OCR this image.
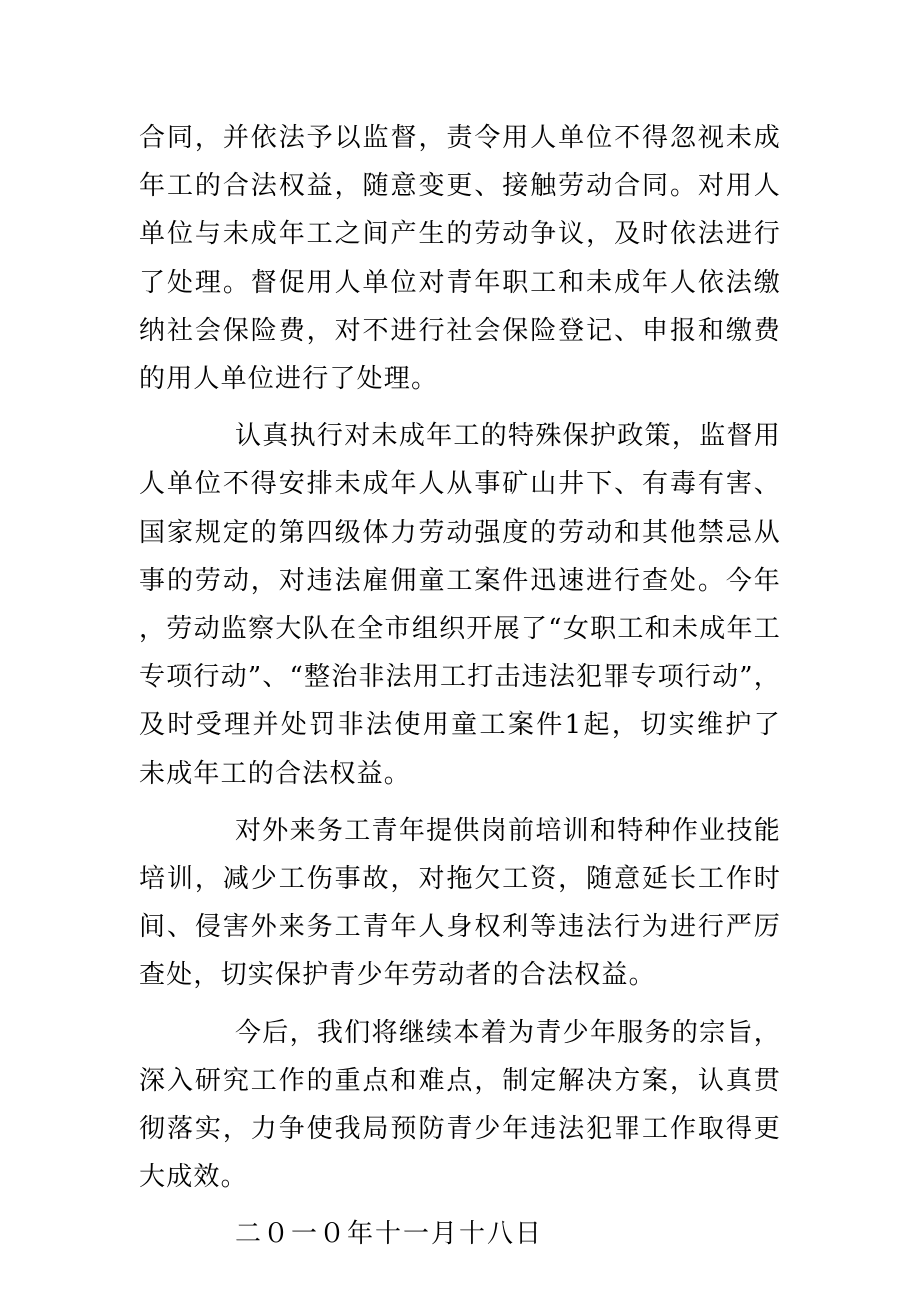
合同，并依法予以监督，责令用人单位不得忽视未成年工的合法权益，随意变更、接触劳动合同。对用人单位与未成年工之间产生的劳动争议，及时依法进行了处理。督促用人单位对青年职工和未成年人依法缴纳社会保险费，对不进行社会保险登记、申报和缴费的用人单位进行了处理。

认真执行对未成年工的特殊保护政策，监督用人单位不得安排未成年人从事矿山井下、有毒有害、国家规定的第四级体力劳动强度的劳动和其他禁忌从事的劳动，对违法雇佣童工案件迅速进行查处。今年，劳动监察大队在全市组织开展了“女职工和未成年工专项行动”、“整治非法用工打击违法犯罪专项行动”，及时受理并处罚非法使用童工案件1起，切实维护了未成年工的合法权益。

对外来务工青年提供岗前培训和特种作业技能培训，减少工伤事故，对拖欠工资，随意延长工作时间、侵害外来务工青年人身权利等违法行为进行严厉查处，切实保护青少年劳动者的合法权益。

今后，我们将继续本着为青少年服务的宗旨，深入研究工作的重点和难点，制定解决方案，认真贯彻落实，力争使我局预防青少年违法犯罪工作取得更大成效。

二０一０年十一月十八日
